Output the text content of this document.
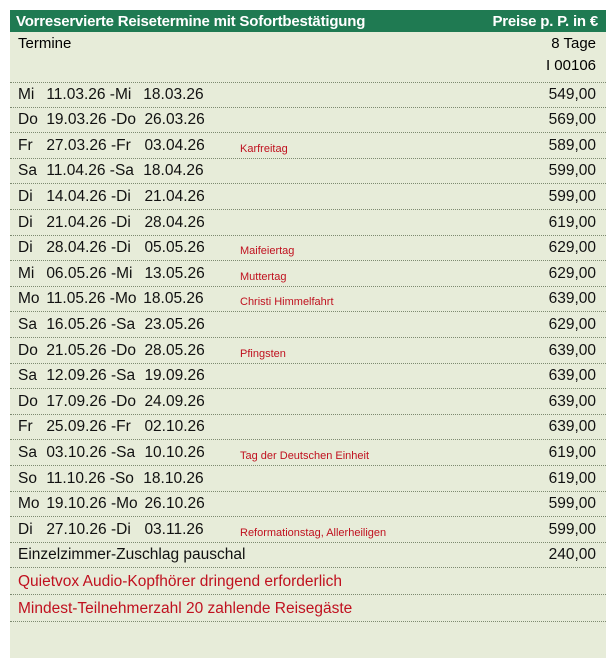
Vorreservierte Reisetermine mit Sofortbestätigung	Preise p. P. in €
Termine	8 Tage
I 00106
Mi 11.03.26 -Mi 18.03.26	549,00
Do 19.03.26 -Do 26.03.26	569,00
Fr 27.03.26 -Fr 03.04.26	Karfreitag	589,00
Sa 11.04.26 -Sa 18.04.26	599,00
Di 14.04.26 -Di 21.04.26	599,00
Di 21.04.26 -Di 28.04.26	619,00
Di 28.04.26 -Di 05.05.26	Maifeiertag	629,00
Mi 06.05.26 -Mi 13.05.26	Muttertag	629,00
Mo 11.05.26 -Mo 18.05.26	Christi Himmelfahrt	639,00
Sa 16.05.26 -Sa 23.05.26	629,00
Do 21.05.26 -Do 28.05.26	Pfingsten	639,00
Sa 12.09.26 -Sa 19.09.26	639,00
Do 17.09.26 -Do 24.09.26	639,00
Fr 25.09.26 -Fr 02.10.26	639,00
Sa 03.10.26 -Sa 10.10.26	Tag der Deutschen Einheit	619,00
So 11.10.26 -So 18.10.26	619,00
Mo 19.10.26 -Mo 26.10.26	599,00
Di 27.10.26 -Di 03.11.26	Reformationstag, Allerheiligen	599,00
Einzelzimmer-Zuschlag pauschal	240,00
Quietvox Audio-Kopfhörer dringend erforderlich
Mindest-Teilnehmerzahl 20 zahlende Reisegäste
